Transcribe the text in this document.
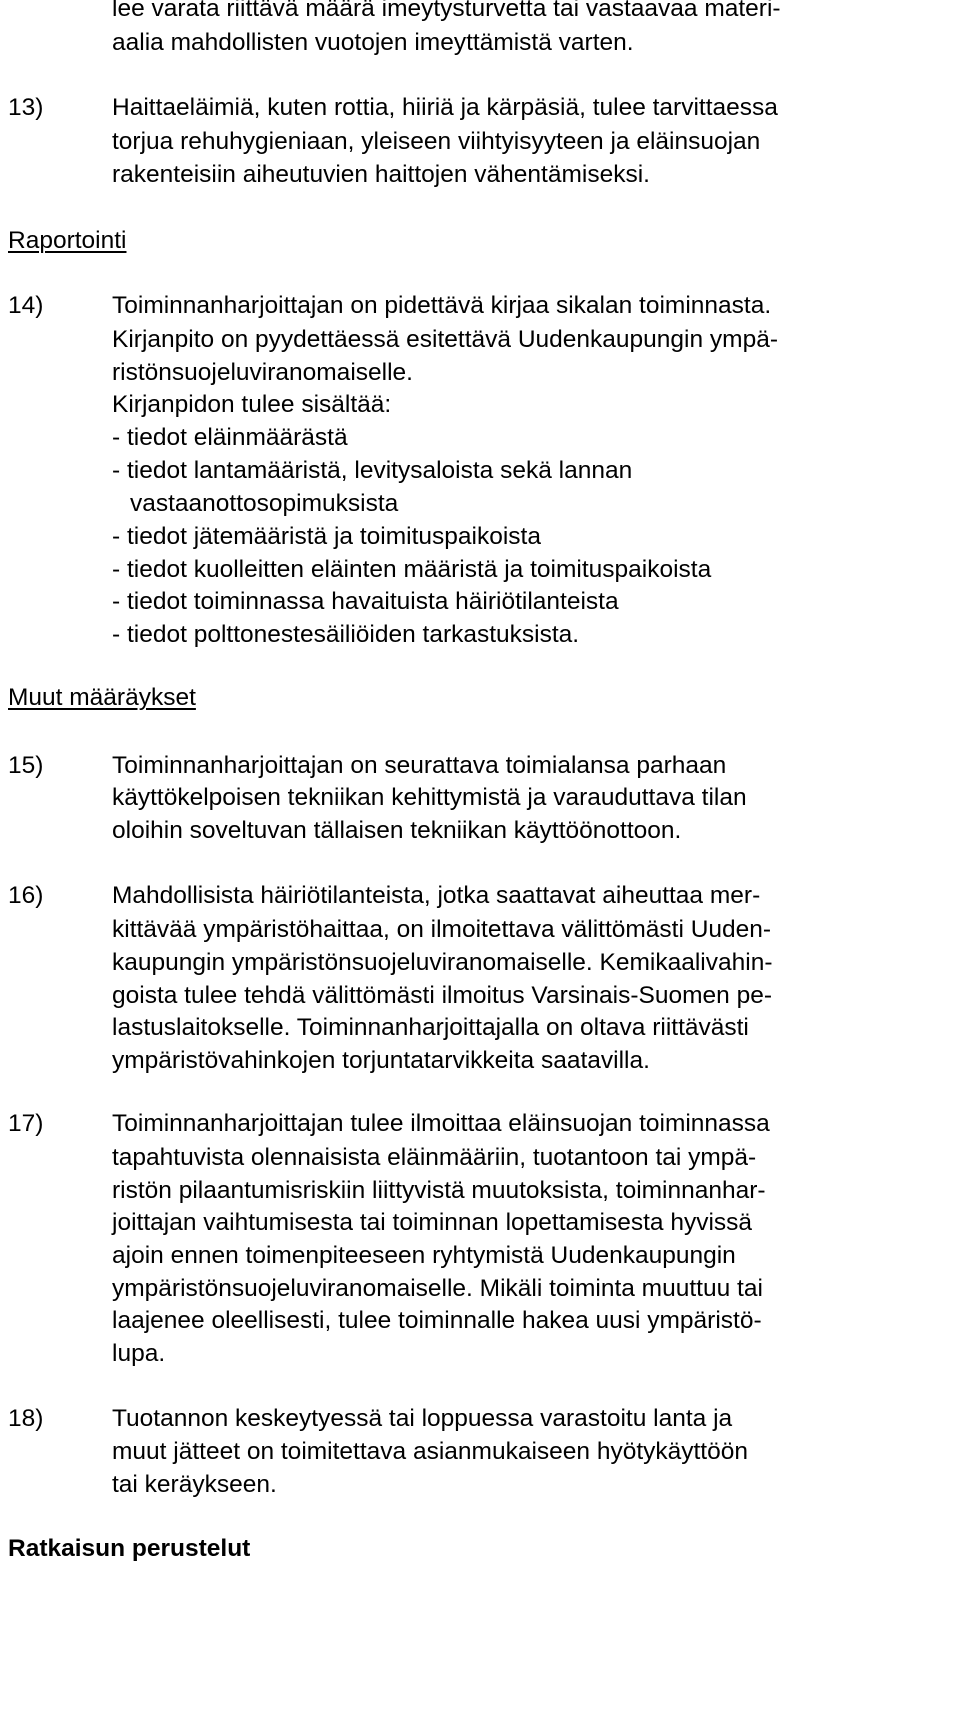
lee varata riittävä määrä imeytysturvetta tai vastaavaa materi-
aalia mahdollisten vuotojen imeyttämistä varten.
13)	Haittaeläimiä, kuten rottia, hiiriä ja kärpäsiä, tulee tarvittaessa
torjua rehuhygieniaan, yleiseen viihtyisyyteen ja eläinsuojan
rakenteisiin aiheutuvien haittojen vähentämiseksi.
Raportointi
14)	Toiminnanharjoittajan on pidettävä kirjaa sikalan toiminnasta.
Kirjanpito on pyydettäessä esitettävä Uudenkaupungin ympä-
ristönsuojeluviranomaiselle.
Kirjanpidon tulee sisältää:
- tiedot eläinmäärästä
- tiedot lantamääristä, levitysaloista sekä lannan
vastaanottosopimuksista
- tiedot jätemääristä ja toimituspaikoista
- tiedot kuolleitten eläinten määristä ja toimituspaikoista
- tiedot toiminnassa havaituista häiriötilanteista
- tiedot polttonestesäiliöiden tarkastuksista.
Muut määräykset
15)	Toiminnanharjoittajan on seurattava toimialansa parhaan
käyttökelpoisen tekniikan kehittymistä ja varauduttava tilan
oloihin soveltuvan tällaisen tekniikan käyttöönottoon.
16)	Mahdollisista häiriötilanteista, jotka saattavat aiheuttaa mer-
kittävää ympäristöhaittaa, on ilmoitettava välittömästi Uuden-
kaupungin ympäristönsuojeluviranomaiselle. Kemikaalivahin-
goista tulee tehdä välittömästi ilmoitus Varsinais-Suomen pe-
lastuslaitokselle. Toiminnanharjoittajalla on oltava riittävästi
ympäristövahinkojen torjuntatarvikkeita saatavilla.
17)	Toiminnanharjoittajan tulee ilmoittaa eläinsuojan toiminnassa
tapahtuvista olennaisista eläinmääriin, tuotantoon tai ympä-
ristön pilaantumisriskiin liittyvistä muutoksista, toiminnanhar-
joittajan vaihtumisesta tai toiminnan lopettamisesta hyvissä
ajoin ennen toimenpiteeseen ryhtymistä Uudenkaupungin
ympäristönsuojeluviranomaiselle. Mikäli toiminta muuttuu tai
laajenee oleellisesti, tulee toiminnalle hakea uusi ympäristö-
lupa.
18)	Tuotannon keskeytyessä tai loppuessa varastoitu lanta ja
muut jätteet on toimitettava asianmukaiseen hyötykäyttöön
tai keräykseen.
Ratkaisun perustelut
